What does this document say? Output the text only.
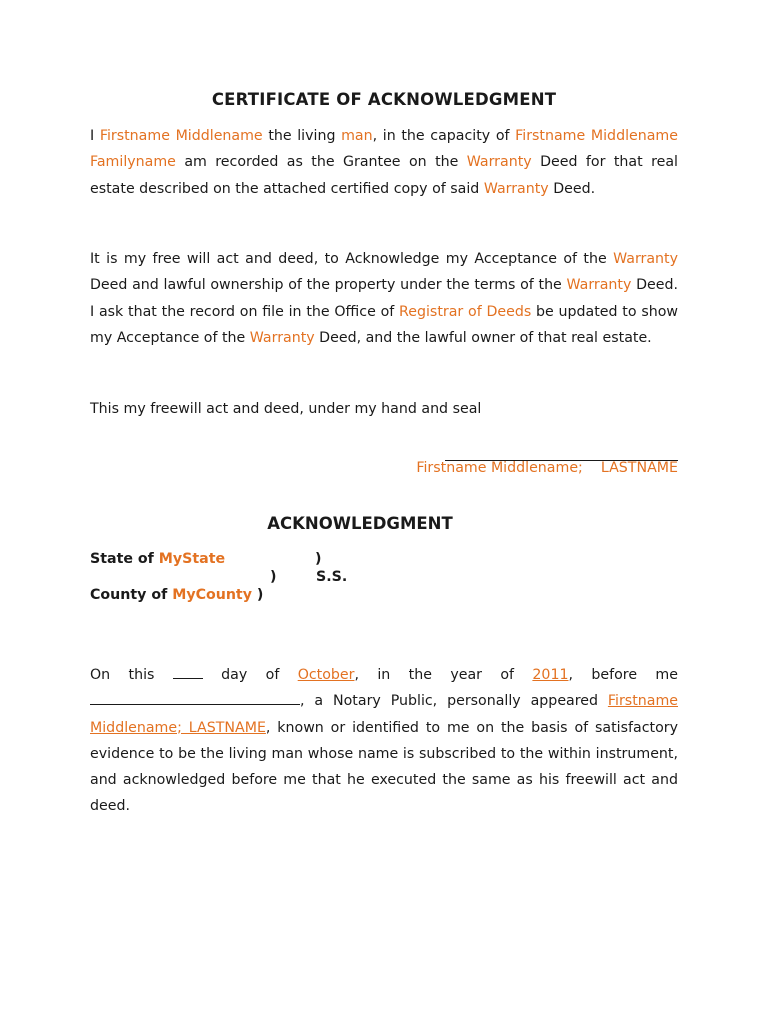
CERTIFICATE OF ACKNOWLEDGMENT

I Firstname Middlename the living man, in the capacity of Firstname Middlename Familyname am recorded as the Grantee on the Warranty Deed for that real estate described on the attached certified copy of said Warranty Deed.

It is my free will act and deed, to Acknowledge my Acceptance of the Warranty Deed and lawful ownership of the property under the terms of the Warranty Deed. I ask that the record on file in the Office of Registrar of Deeds be updated to show my Acceptance of the Warranty Deed, and the lawful owner of that real estate.

This my freewill act and deed, under my hand and seal

Firstname Middlename;    LASTNAME
ACKNOWLEDGMENT
State of MyState	)
)	S.S.
County of MyCounty )

On this  day of October, in the year of 2011, before me , a Notary Public, personally appeared Firstname Middlename; LASTNAME, known or identified to me on the basis of satisfactory evidence to be the living man whose name is subscribed to the within instrument, and acknowledged before me that he executed the same as his freewill act and deed.
